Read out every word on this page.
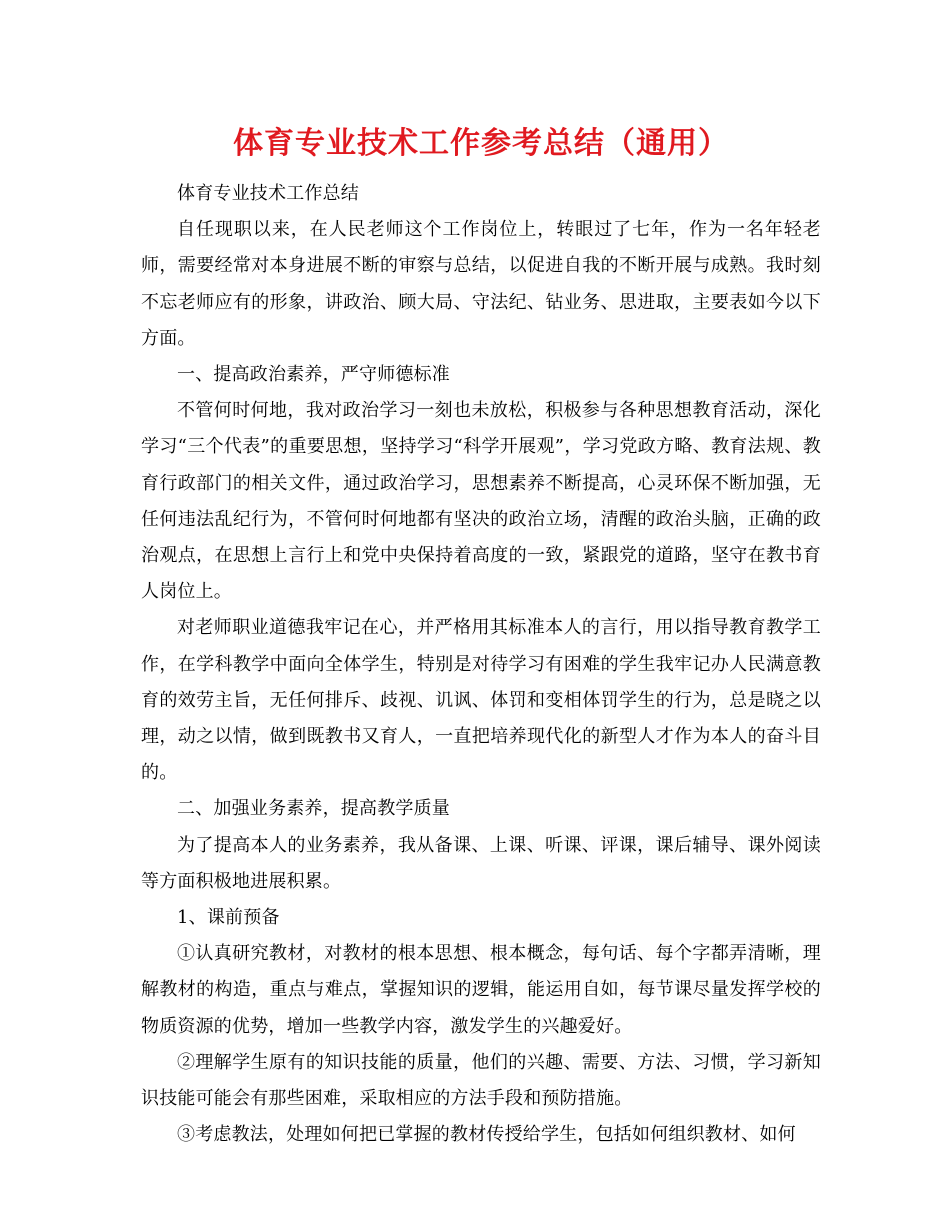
体育专业技术工作参考总结（通用）

体育专业技术工作总结

自任现职以来，在人民老师这个工作岗位上，转眼过了七年，作为一名年轻老师，需要经常对本身进展不断的审察与总结，以促进自我的不断开展与成熟。我时刻不忘老师应有的形象，讲政治、顾大局、守法纪、钻业务、思进取，主要表如今以下方面。

一、提高政治素养，严守师德标准

不管何时何地，我对政治学习一刻也未放松，积极参与各种思想教育活动，深化学习“三个代表”的重要思想，坚持学习“科学开展观”，学习党政方略、教育法规、教育行政部门的相关文件，通过政治学习，思想素养不断提高，心灵环保不断加强，无任何违法乱纪行为，不管何时何地都有坚决的政治立场，清醒的政治头脑，正确的政治观点，在思想上言行上和党中央保持着高度的一致，紧跟党的道路，坚守在教书育人岗位上。

对老师职业道德我牢记在心，并严格用其标准本人的言行，用以指导教育教学工作，在学科教学中面向全体学生，特别是对待学习有困难的学生我牢记办人民满意教育的效劳主旨，无任何排斥、歧视、讥讽、体罚和变相体罚学生的行为，总是晓之以理，动之以情，做到既教书又育人，一直把培养现代化的新型人才作为本人的奋斗目的。

二、加强业务素养，提高教学质量

为了提高本人的业务素养，我从备课、上课、听课、评课，课后辅导、课外阅读等方面积极地进展积累。

1、课前预备

①认真研究教材，对教材的根本思想、根本概念，每句话、每个字都弄清晰，理解教材的构造，重点与难点，掌握知识的逻辑，能运用自如，每节课尽量发挥学校的物质资源的优势，增加一些教学内容，激发学生的兴趣爱好。

②理解学生原有的知识技能的质量，他们的兴趣、需要、方法、习惯，学习新知识技能可能会有那些困难，采取相应的方法手段和预防措施。

③考虑教法，处理如何把已掌握的教材传授给学生，包括如何组织教材、如何
